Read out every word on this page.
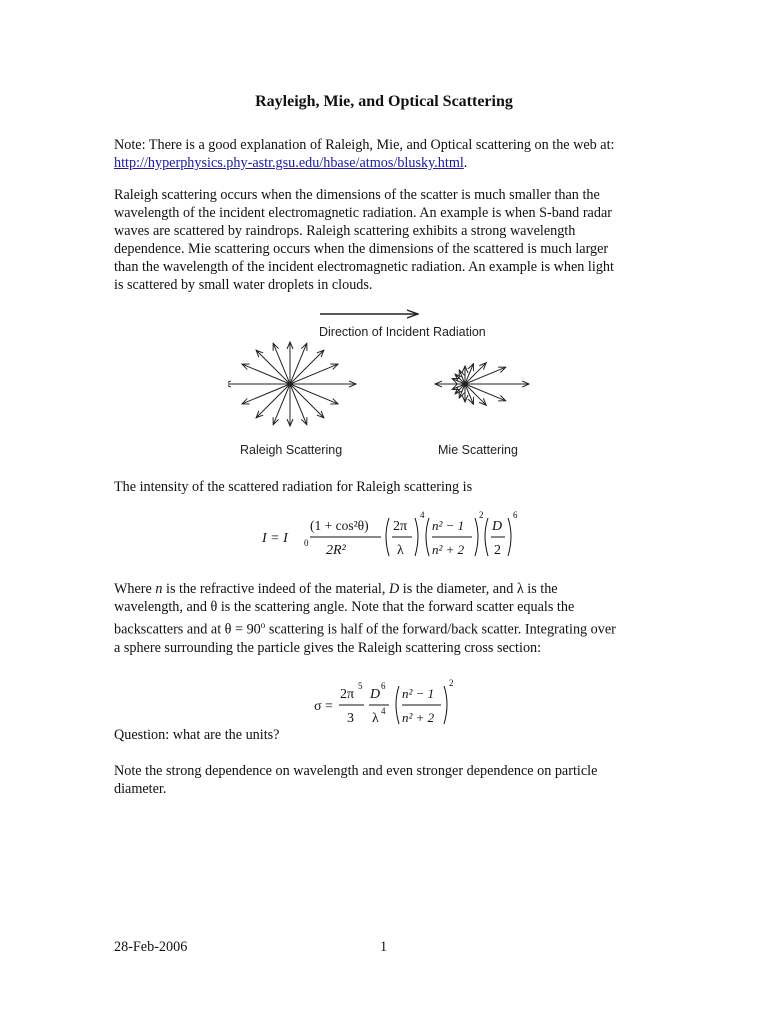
Rayleigh, Mie, and Optical Scattering
Note: There is a good explanation of Raleigh, Mie, and Optical scattering on the web at:
http://hyperphysics.phy-astr.gsu.edu/hbase/atmos/blusky.html.
Raleigh scattering occurs when the dimensions of the scatter is much smaller than the
wavelength of the incident electromagnetic radiation. An example is when S-band radar
waves are scattered by raindrops. Raleigh scattering exhibits a strong wavelength
dependence. Mie scattering occurs when the dimensions of the scattered is much larger
than the wavelength of the incident electromagnetic radiation. An example is when light
is scattered by small water droplets in clouds.
Direction of Incident Radiation
Raleigh Scattering	Mie Scattering
The intensity of the scattered radiation for Raleigh scattering is
I = I 0
(1 + cos²θ)
2R²
2π
λ
4
n² − 1
n² + 2
2
D
2
6
Where n is the refractive indeed of the material, D is the diameter, and λ is the
wavelength, and θ is the scattering angle. Note that the forward scatter equals the
backscatters and at $\theta = 90^o$ scattering is half of the forward/back scatter. Integrating over
a sphere surrounding the particle gives the Raleigh scattering cross section:
σ =
2π
5
3
D
6
λ 4
n² − 1
n² + 2
2
Question: what are the units?
Note the strong dependence on wavelength and even stronger dependence on particle
diameter.
28-Feb-2006	1
